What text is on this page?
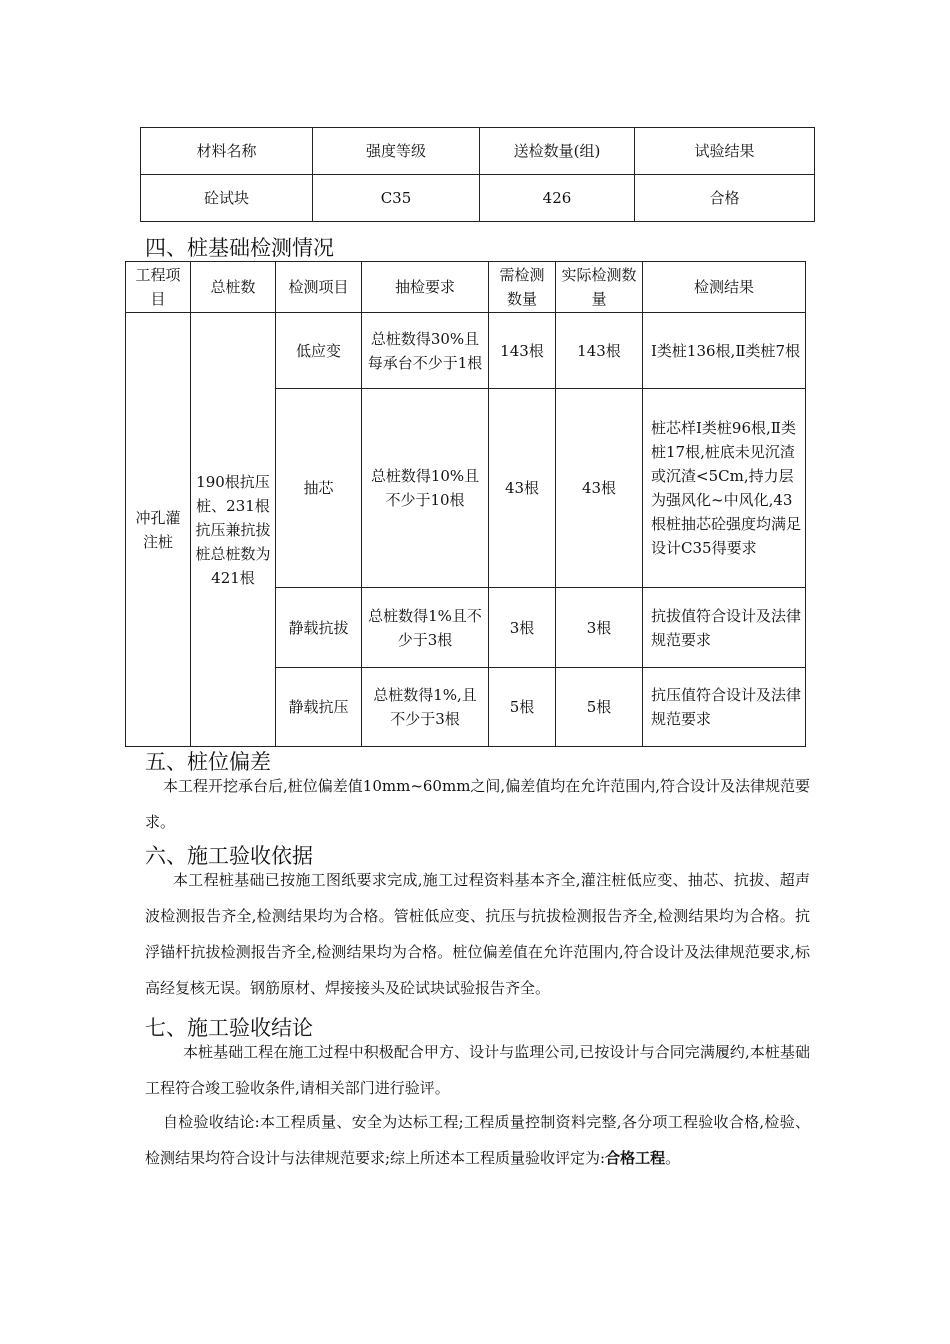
材料名称	强度等级	送检数量(组)	试验结果
砼试块	C35	426	合格
四、桩基础检测情况
工程项目	总桩数	检测项目	抽检要求	需检测数量	实际检测数量	检测结果
冲孔灌注桩	190根抗压桩、231根抗压兼抗拔桩总桩数为421根	低应变	总桩数得30%且每承台不少于1根	143根	143根	Ⅰ类桩136根,Ⅱ类桩7根
		抽芯	总桩数得10%且不少于10根	43根	43根	桩芯样Ⅰ类桩96根,Ⅱ类桩17根,桩底未见沉渣或沉渣<5Cm,持力层为强风化~中风化,43根桩抽芯砼强度均满足设计C35得要求
		静载抗拔	总桩数得1%且不少于3根	3根	3根	抗拔值符合设计及法律规范要求
		静载抗压	总桩数得1%,且不少于3根	5根	5根	抗压值符合设计及法律规范要求
五、桩位偏差

本工程开挖承台后,桩位偏差值10mm~60mm之间,偏差值均在允许范围内,符合设计及法律规范要求。

六、施工验收依据

本工程桩基础已按施工图纸要求完成,施工过程资料基本齐全,灌注桩低应变、抽芯、抗拔、超声波检测报告齐全,检测结果均为合格。管桩低应变、抗压与抗拔检测报告齐全,检测结果均为合格。抗浮锚杆抗拔检测报告齐全,检测结果均为合格。桩位偏差值在允许范围内,符合设计及法律规范要求,标高经复核无误。钢筋原材、焊接接头及砼试块试验报告齐全。

七、施工验收结论

本桩基础工程在施工过程中积极配合甲方、设计与监理公司,已按设计与合同完满履约,本桩基础工程符合竣工验收条件,请相关部门进行验评。

自检验收结论:本工程质量、安全为达标工程;工程质量控制资料完整,各分项工程验收合格,检验、检测结果均符合设计与法律规范要求;综上所述本工程质量验收评定为:合格工程。
